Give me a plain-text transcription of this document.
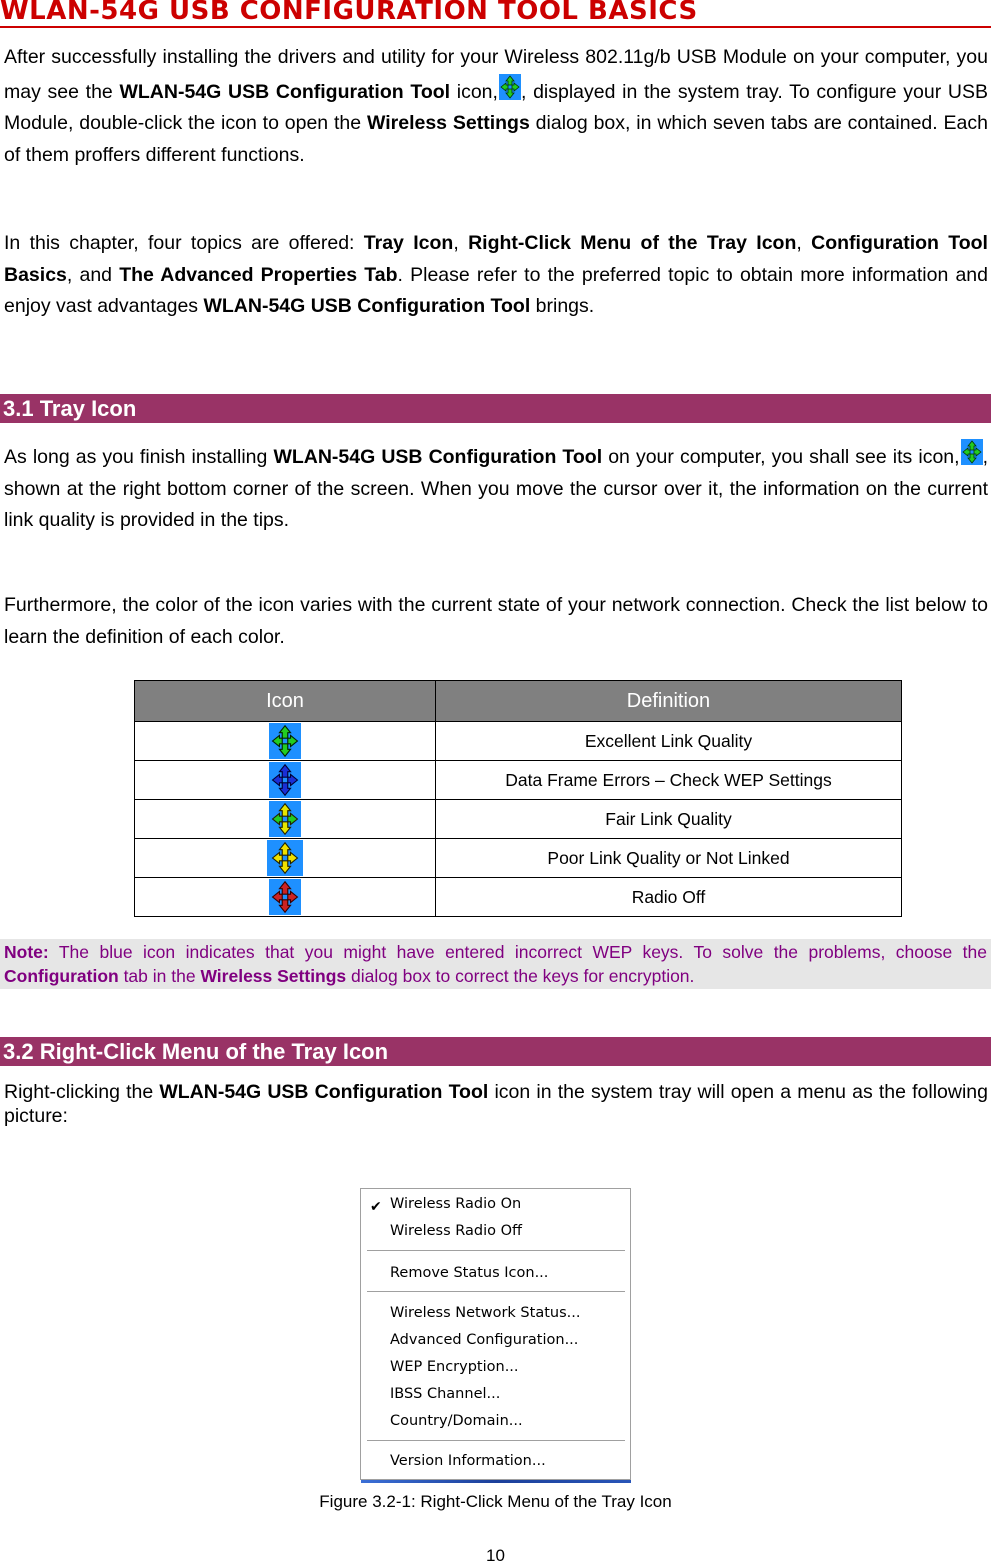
WLAN-54G USB CONFIGURATION TOOL BASICS
After successfully installing the drivers and utility for your Wireless 802.11g/b USB Module on your computer, you may see the WLAN-54G USB Configuration Tool icon, , displayed in the system tray. To configure your USB Module, double-click the icon to open the Wireless Settings dialog box, in which seven tabs are contained. Each of them proffers different functions.
In this chapter, four topics are offered: Tray Icon, Right-Click Menu of the Tray Icon, Configuration Tool Basics, and The Advanced Properties Tab. Please refer to the preferred topic to obtain more information and enjoy vast advantages WLAN-54G USB Configuration Tool brings.
3.1 Tray Icon
As long as you finish installing WLAN-54G USB Configuration Tool on your computer, you shall see its icon, , shown at the right bottom corner of the screen. When you move the cursor over it, the information on the current link quality is provided in the tips.
Furthermore, the color of the icon varies with the current state of your network connection. Check the list below to learn the definition of each color.
Icon	Definition
	Excellent Link Quality
	Data Frame Errors – Check WEP Settings
	Fair Link Quality
	Poor Link Quality or Not Linked
	Radio Off
Note: The blue icon indicates that you might have entered incorrect WEP keys. To solve the problems, choose the Configuration tab in the Wireless Settings dialog box to correct the keys for encryption.
3.2 Right-Click Menu of the Tray Icon
Right-clicking the WLAN-54G USB Configuration Tool icon in the system tray will open a menu as the following picture:
✔ Wireless Radio On
Wireless Radio Off
Remove Status Icon...
Wireless Network Status...
Advanced Configuration...
WEP Encryption...
IBSS Channel...
Country/Domain...
Version Information...
Figure 3.2-1: Right-Click Menu of the Tray Icon
10
